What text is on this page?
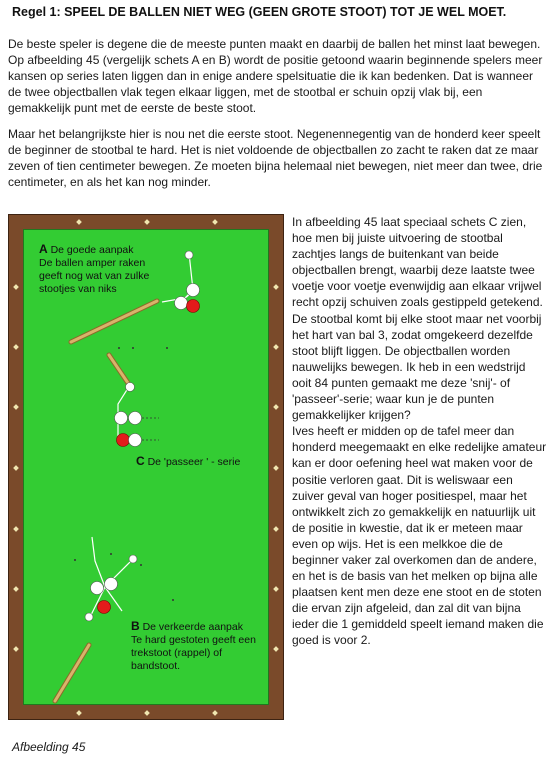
Regel 1: SPEEL DE BALLEN NIET WEG (GEEN GROTE STOOT) TOT JE WEL MOET.

De beste speler is degene die de meeste punten maakt en daarbij de ballen het minst laat bewegen. Op afbeelding 45 (vergelijk schets A en B) wordt de positie getoond waarin beginnende spelers meer kansen op series laten liggen dan in enige andere spelsituatie die ik kan bedenken. Dat is wanneer de twee objectballen vlak tegen elkaar liggen, met de stootbal er schuin opzij vlak bij, een gemakkelijk punt met de eerste de beste stoot.

Maar het belangrijkste hier is nou net die eerste stoot. Negenennegentig van de honderd keer speelt de beginner de stootbal te hard. Het is niet voldoende de objectballen zo zacht te raken dat ze maar zeven of tien centimeter bewegen. Ze moeten bijna helemaal niet bewegen, niet meer dan twee, drie centimeter, en als het kan nog minder.

A De goede aanpak
De ballen amper raken geeft nog wat van zulke stootjes van niks

C De 'passeer ' - serie

B De verkeerde aanpak
Te hard gestoten geeft een trekstoot (rappel) of bandstoot.

In afbeelding 45 laat speciaal schets C zien, hoe men bij juiste uitvoering de stootbal zachtjes langs de buitenkant van beide objectballen brengt, waarbij deze laatste twee voetje voor voetje evenwijdig aan elkaar vrijwel recht opzij schuiven zoals gestippeld getekend. De stootbal komt bij elke stoot maar net voorbij het hart van bal 3, zodat omgekeerd dezelfde stoot blijft liggen. De objectballen worden nauwelijks bewegen. Ik heb in een wedstrijd ooit 84 punten gemaakt me deze 'snij'- of 'passeer'-serie; waar kun je de punten gemakkelijker krijgen?

Ives heeft er midden op de tafel meer dan honderd meegemaakt en elke redelijke amateur kan er door oefening heel wat maken voor de positie verloren gaat. Dit is weliswaar een zuiver geval van hoger positiespel, maar het ontwikkelt zich zo gemakkelijk en natuurlijk uit de positie in kwestie, dat ik er meteen maar even op wijs. Het is een melkkoe die de beginner vaker zal overkomen dan de andere, en het is de basis van het melken op bijna alle plaatsen kent men deze ene stoot en de stoten die ervan zijn afgeleid, dan zal dit van bijna ieder die 1 gemiddeld speelt iemand maken die goed is voor 2.

Afbeelding 45
